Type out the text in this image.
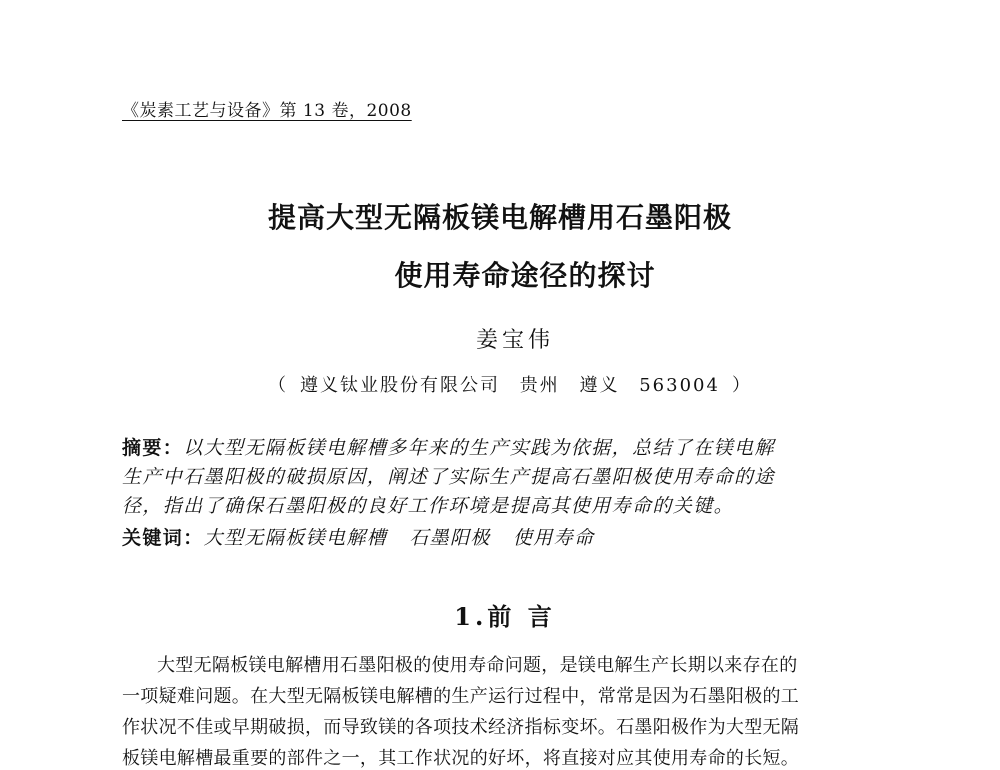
《炭素工艺与设备》第 13 卷，2008
提高大型无隔板镁电解槽用石墨阳极
使用寿命途径的探讨
姜宝伟
（ 遵义钛业股份有限公司 贵州 遵义 563004 ）
摘要：以大型无隔板镁电解槽多年来的生产实践为依据，总结了在镁电解
生产中石墨阳极的破损原因，阐述了实际生产提高石墨阳极使用寿命的途
径，指出了确保石墨阳极的良好工作环境是提高其使用寿命的关键。
关键词：大型无隔板镁电解槽 石墨阳极 使用寿命
1.前 言
大型无隔板镁电解槽用石墨阳极的使用寿命问题，是镁电解生产长期以来存在的
一项疑难问题。在大型无隔板镁电解槽的生产运行过程中，常常是因为石墨阳极的工
作状况不佳或早期破损，而导致镁的各项技术经济指标变坏。石墨阳极作为大型无隔
板镁电解槽最重要的部件之一，其工作状况的好坏，将直接对应其使用寿命的长短。
